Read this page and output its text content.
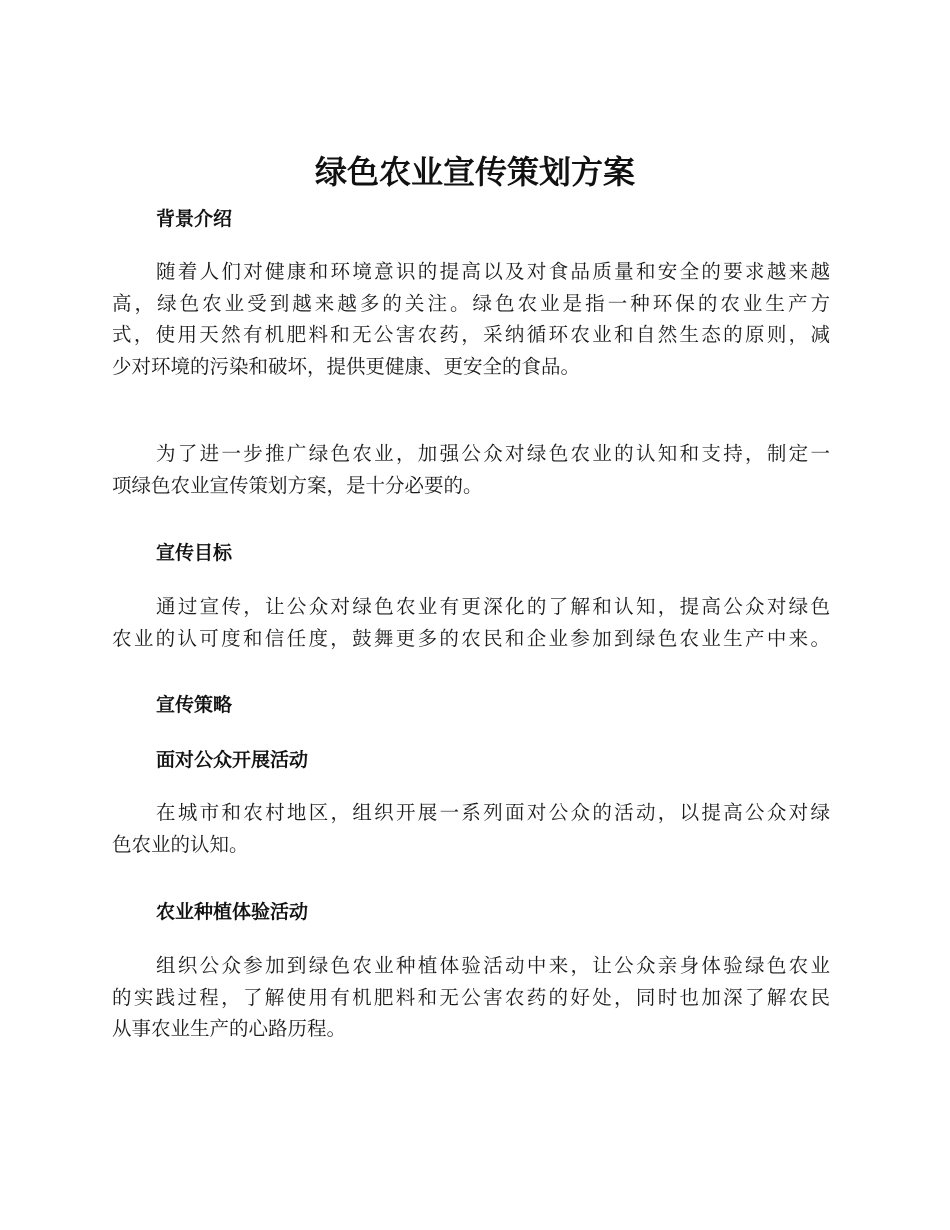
绿色农业宣传策划方案
背景介绍
随着人们对健康和环境意识的提高以及对食品质量和安全的要求越来越
高，绿色农业受到越来越多的关注。绿色农业是指一种环保的农业生产方
式，使用天然有机肥料和无公害农药，采纳循环农业和自然生态的原则，减
少对环境的污染和破坏，提供更健康、更安全的食品。
为了进一步推广绿色农业，加强公众对绿色农业的认知和支持，制定一
项绿色农业宣传策划方案，是十分必要的。
宣传目标
通过宣传，让公众对绿色农业有更深化的了解和认知，提高公众对绿色
农业的认可度和信任度，鼓舞更多的农民和企业参加到绿色农业生产中来。
宣传策略
面对公众开展活动
在城市和农村地区，组织开展一系列面对公众的活动，以提高公众对绿
色农业的认知。
农业种植体验活动
组织公众参加到绿色农业种植体验活动中来，让公众亲身体验绿色农业
的实践过程，了解使用有机肥料和无公害农药的好处，同时也加深了解农民
从事农业生产的心路历程。
